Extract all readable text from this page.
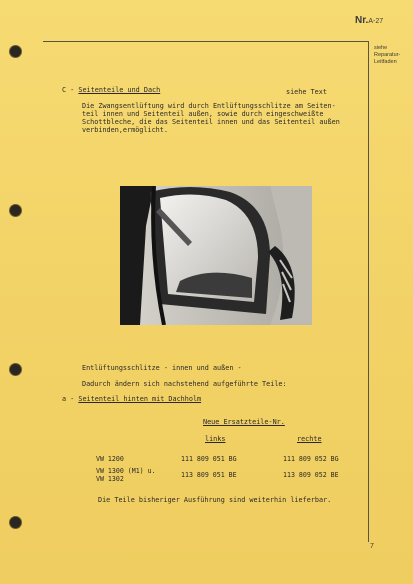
Nr.A-27
siehe
Reparatur-
Leitfaden
C - Seitenteile und Dach	siehe Text
Die Zwangsentlüftung wird durch Entlüftungsschlitze am Seiten-
teil innen und Seitenteil außen, sowie durch eingeschweißte
Schottbleche, die das Seitenteil innen und das Seitenteil außen
verbinden,ermöglicht.
Entlüftungsschlitze - innen und außen -
Dadurch ändern sich nachstehend aufgeführte Teile:
a - Seitenteil hinten mit Dachholm
Neue Ersatzteile-Nr.
links	rechte
VW 1200	111 809 051 BG	111 809 052 BG
VW 1300 (M1) u.
VW 1302	113 809 051 BE	113 809 052 BE
Die Teile bisheriger Ausführung sind weiterhin lieferbar.
7
